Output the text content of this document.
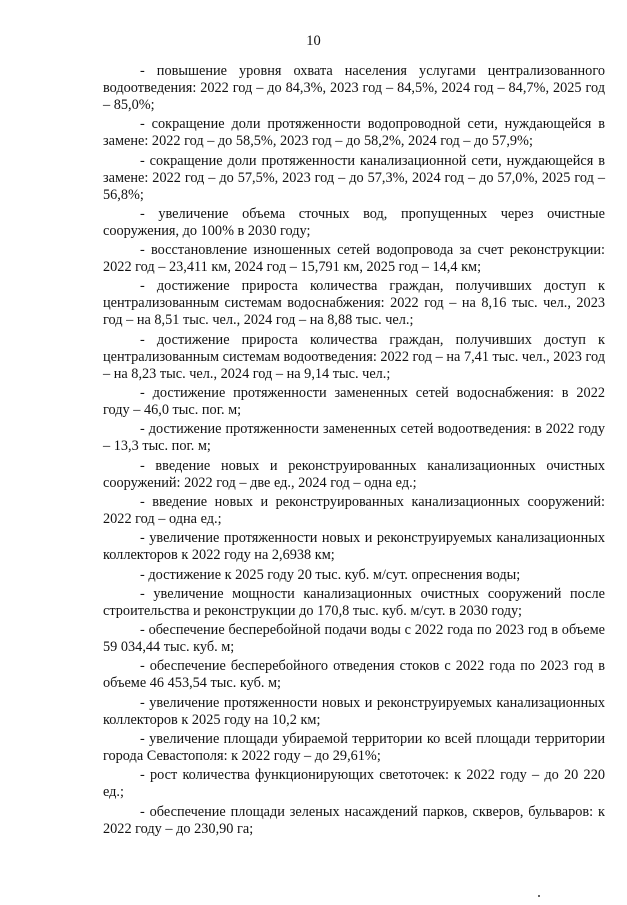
10

- повышение уровня охвата населения услугами централизованного водоотведения: 2022 год – до 84,3%, 2023 год – 84,5%, 2024 год – 84,7%, 2025 год – 85,0%;

- сокращение доли протяженности водопроводной сети, нуждающейся в замене: 2022 год – до 58,5%, 2023 год – до 58,2%, 2024 год – до 57,9%;

- сокращение доли протяженности канализационной сети, нуждающейся в замене: 2022 год – до 57,5%, 2023 год – до 57,3%, 2024 год – до 57,0%, 2025 год – 56,8%;

- увеличение объема сточных вод, пропущенных через очистные сооружения, до 100% в 2030 году;

- восстановление изношенных сетей водопровода за счет реконструкции: 2022 год – 23,411 км, 2024 год – 15,791 км, 2025 год – 14,4 км;

- достижение прироста количества граждан, получивших доступ к централизованным системам водоснабжения: 2022 год – на 8,16 тыс. чел., 2023 год – на 8,51 тыс. чел., 2024 год – на 8,88 тыс. чел.;

- достижение прироста количества граждан, получивших доступ к централизованным системам водоотведения: 2022 год – на 7,41 тыс. чел., 2023 год – на 8,23 тыс. чел., 2024 год – на 9,14 тыс. чел.;

- достижение протяженности замененных сетей водоснабжения: в 2022 году – 46,0 тыс. пог. м;

- достижение протяженности замененных сетей водоотведения: в 2022 году – 13,3 тыс. пог. м;

- введение новых и реконструированных канализационных очистных сооружений: 2022 год – две ед., 2024 год – одна ед.;

- введение новых и реконструированных канализационных сооружений: 2022 год – одна ед.;

- увеличение протяженности новых и реконструируемых канализационных коллекторов к 2022 году на 2,6938 км;

- достижение к 2025 году 20 тыс. куб. м/сут. опреснения воды;

- увеличение мощности канализационных очистных сооружений после строительства и реконструкции до 170,8 тыс. куб. м/сут. в 2030 году;

- обеспечение бесперебойной подачи воды с 2022 года по 2023 год в объеме 59 034,44 тыс. куб. м;

- обеспечение бесперебойного отведения стоков с 2022 года по 2023 год в объеме 46 453,54 тыс. куб. м;

- увеличение протяженности новых и реконструируемых канализационных коллекторов к 2025 году на 10,2 км;

- увеличение площади убираемой территории ко всей площади территории города Севастополя: к 2022 году – до 29,61%;

- рост количества функционирующих светоточек: к 2022 году – до 20 220 ед.;

- обеспечение площади зеленых насаждений парков, скверов, бульваров: к 2022 году – до 230,90 га;
